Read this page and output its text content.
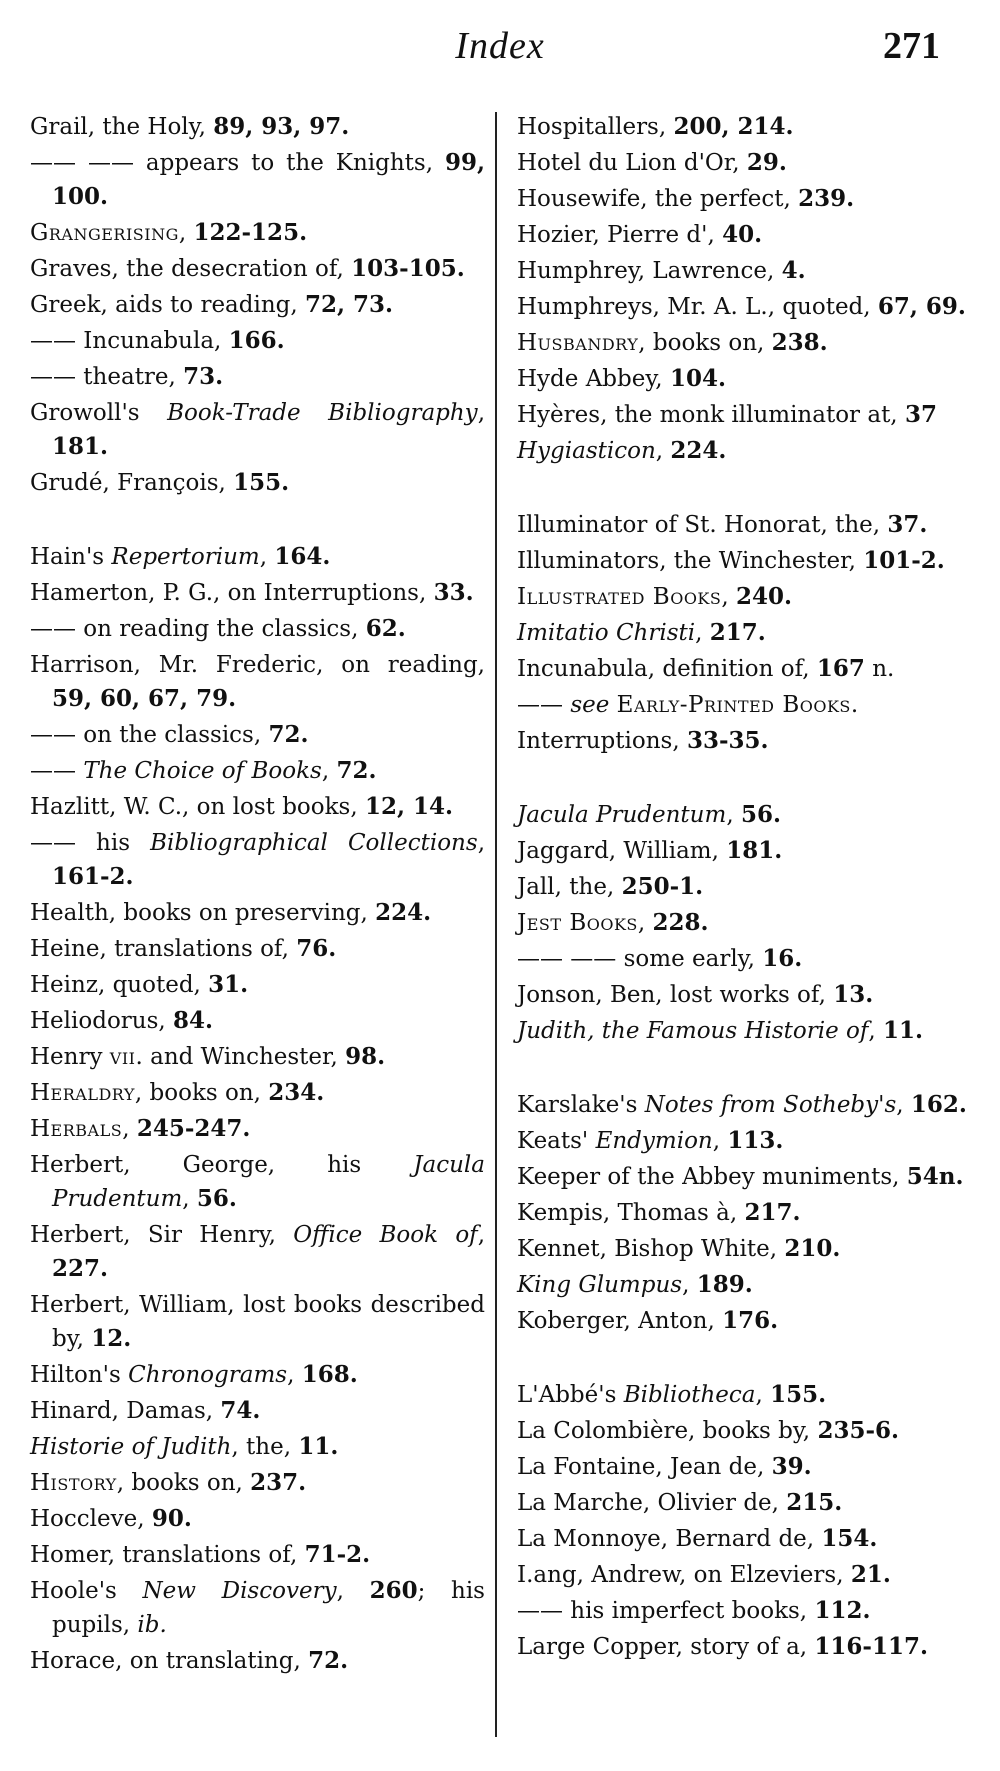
Index	271
Grail, the Holy, 89, 93, 97.
—— —— appears to the Knights, 99, 100.
Grangerising, 122-125.
Graves, the desecration of, 103-105.
Greek, aids to reading, 72, 73.
—— Incunabula, 166.
—— theatre, 73.
Growoll's Book-Trade Bibliography, 181.
Grudé, François, 155.
Hain's Repertorium, 164.
Hamerton, P. G., on Interruptions, 33.
—— on reading the classics, 62.
Harrison, Mr. Frederic, on reading, 59, 60, 67, 79.
—— on the classics, 72.
—— The Choice of Books, 72.
Hazlitt, W. C., on lost books, 12, 14.
—— his Bibliographical Collections, 161-2.
Health, books on preserving, 224.
Heine, translations of, 76.
Heinz, quoted, 31.
Heliodorus, 84.
Henry vii. and Winchester, 98.
Heraldry, books on, 234.
Herbals, 245-247.
Herbert, George, his Jacula Prudentum, 56.
Herbert, Sir Henry, Office Book of, 227.
Herbert, William, lost books described by, 12.
Hilton's Chronograms, 168.
Hinard, Damas, 74.
Historie of Judith, the, 11.
History, books on, 237.
Hoccleve, 90.
Homer, translations of, 71-2.
Hoole's New Discovery, 260; his pupils, ib.
Horace, on translating, 72.
Hospitallers, 200, 214.
Hotel du Lion d'Or, 29.
Housewife, the perfect, 239.
Hozier, Pierre d', 40.
Humphrey, Lawrence, 4.
Humphreys, Mr. A. L., quoted, 67, 69.
Husbandry, books on, 238.
Hyde Abbey, 104.
Hyères, the monk illuminator at, 37
Hygiasticon, 224.
Illuminator of St. Honorat, the, 37.
Illuminators, the Winchester, 101-2.
Illustrated Books, 240.
Imitatio Christi, 217.
Incunabula, definition of, 167 n.
—— see Early-Printed Books.
Interruptions, 33-35.
Jacula Prudentum, 56.
Jaggard, William, 181.
Jall, the, 250-1.
Jest Books, 228.
—— —— some early, 16.
Jonson, Ben, lost works of, 13.
Judith, the Famous Historie of, 11.
Karslake's Notes from Sotheby's, 162.
Keats' Endymion, 113.
Keeper of the Abbey muniments, 54n.
Kempis, Thomas à, 217.
Kennet, Bishop White, 210.
King Glumpus, 189.
Koberger, Anton, 176.
L'Abbé's Bibliotheca, 155.
La Colombière, books by, 235-6.
La Fontaine, Jean de, 39.
La Marche, Olivier de, 215.
La Monnoye, Bernard de, 154.
I.ang, Andrew, on Elzeviers, 21.
—— his imperfect books, 112.
Large Copper, story of a, 116-117.
